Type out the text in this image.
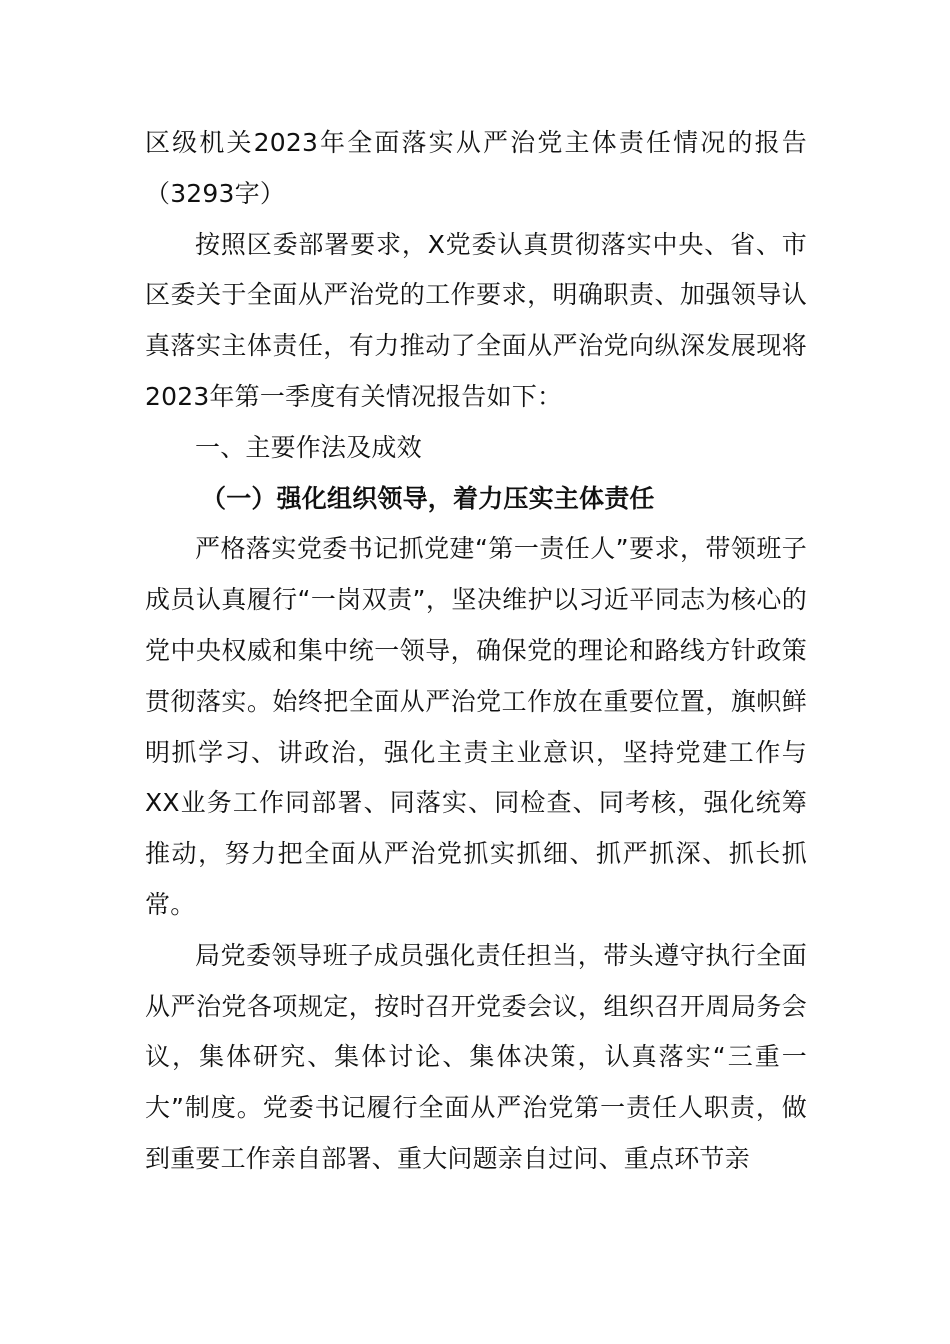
区级机关2023年全面落实从严治党主体责任情况的报告（3293字）

按照区委部署要求，X党委认真贯彻落实中央、省、市区委关于全面从严治党的工作要求，明确职责、加强领导认真落实主体责任，有力推动了全面从严治党向纵深发展现将2023年第一季度有关情况报告如下：

一、主要作法及成效

（一）强化组织领导，着力压实主体责任

严格落实党委书记抓党建“第一责任人”要求，带领班子成员认真履行“一岗双责”，坚决维护以习近平同志为核心的党中央权威和集中统一领导，确保党的理论和路线方针政策贯彻落实。始终把全面从严治党工作放在重要位置，旗帜鲜明抓学习、讲政治，强化主责主业意识，坚持党建工作与XX业务工作同部署、同落实、同检查、同考核，强化统筹推动，努力把全面从严治党抓实抓细、抓严抓深、抓长抓常。

局党委领导班子成员强化责任担当，带头遵守执行全面从严治党各项规定，按时召开党委会议，组织召开周局务会议，集体研究、集体讨论、集体决策，认真落实“三重一大”制度。党委书记履行全面从严治党第一责任人职责，做到重要工作亲自部署、重大问题亲自过问、重点环节亲
